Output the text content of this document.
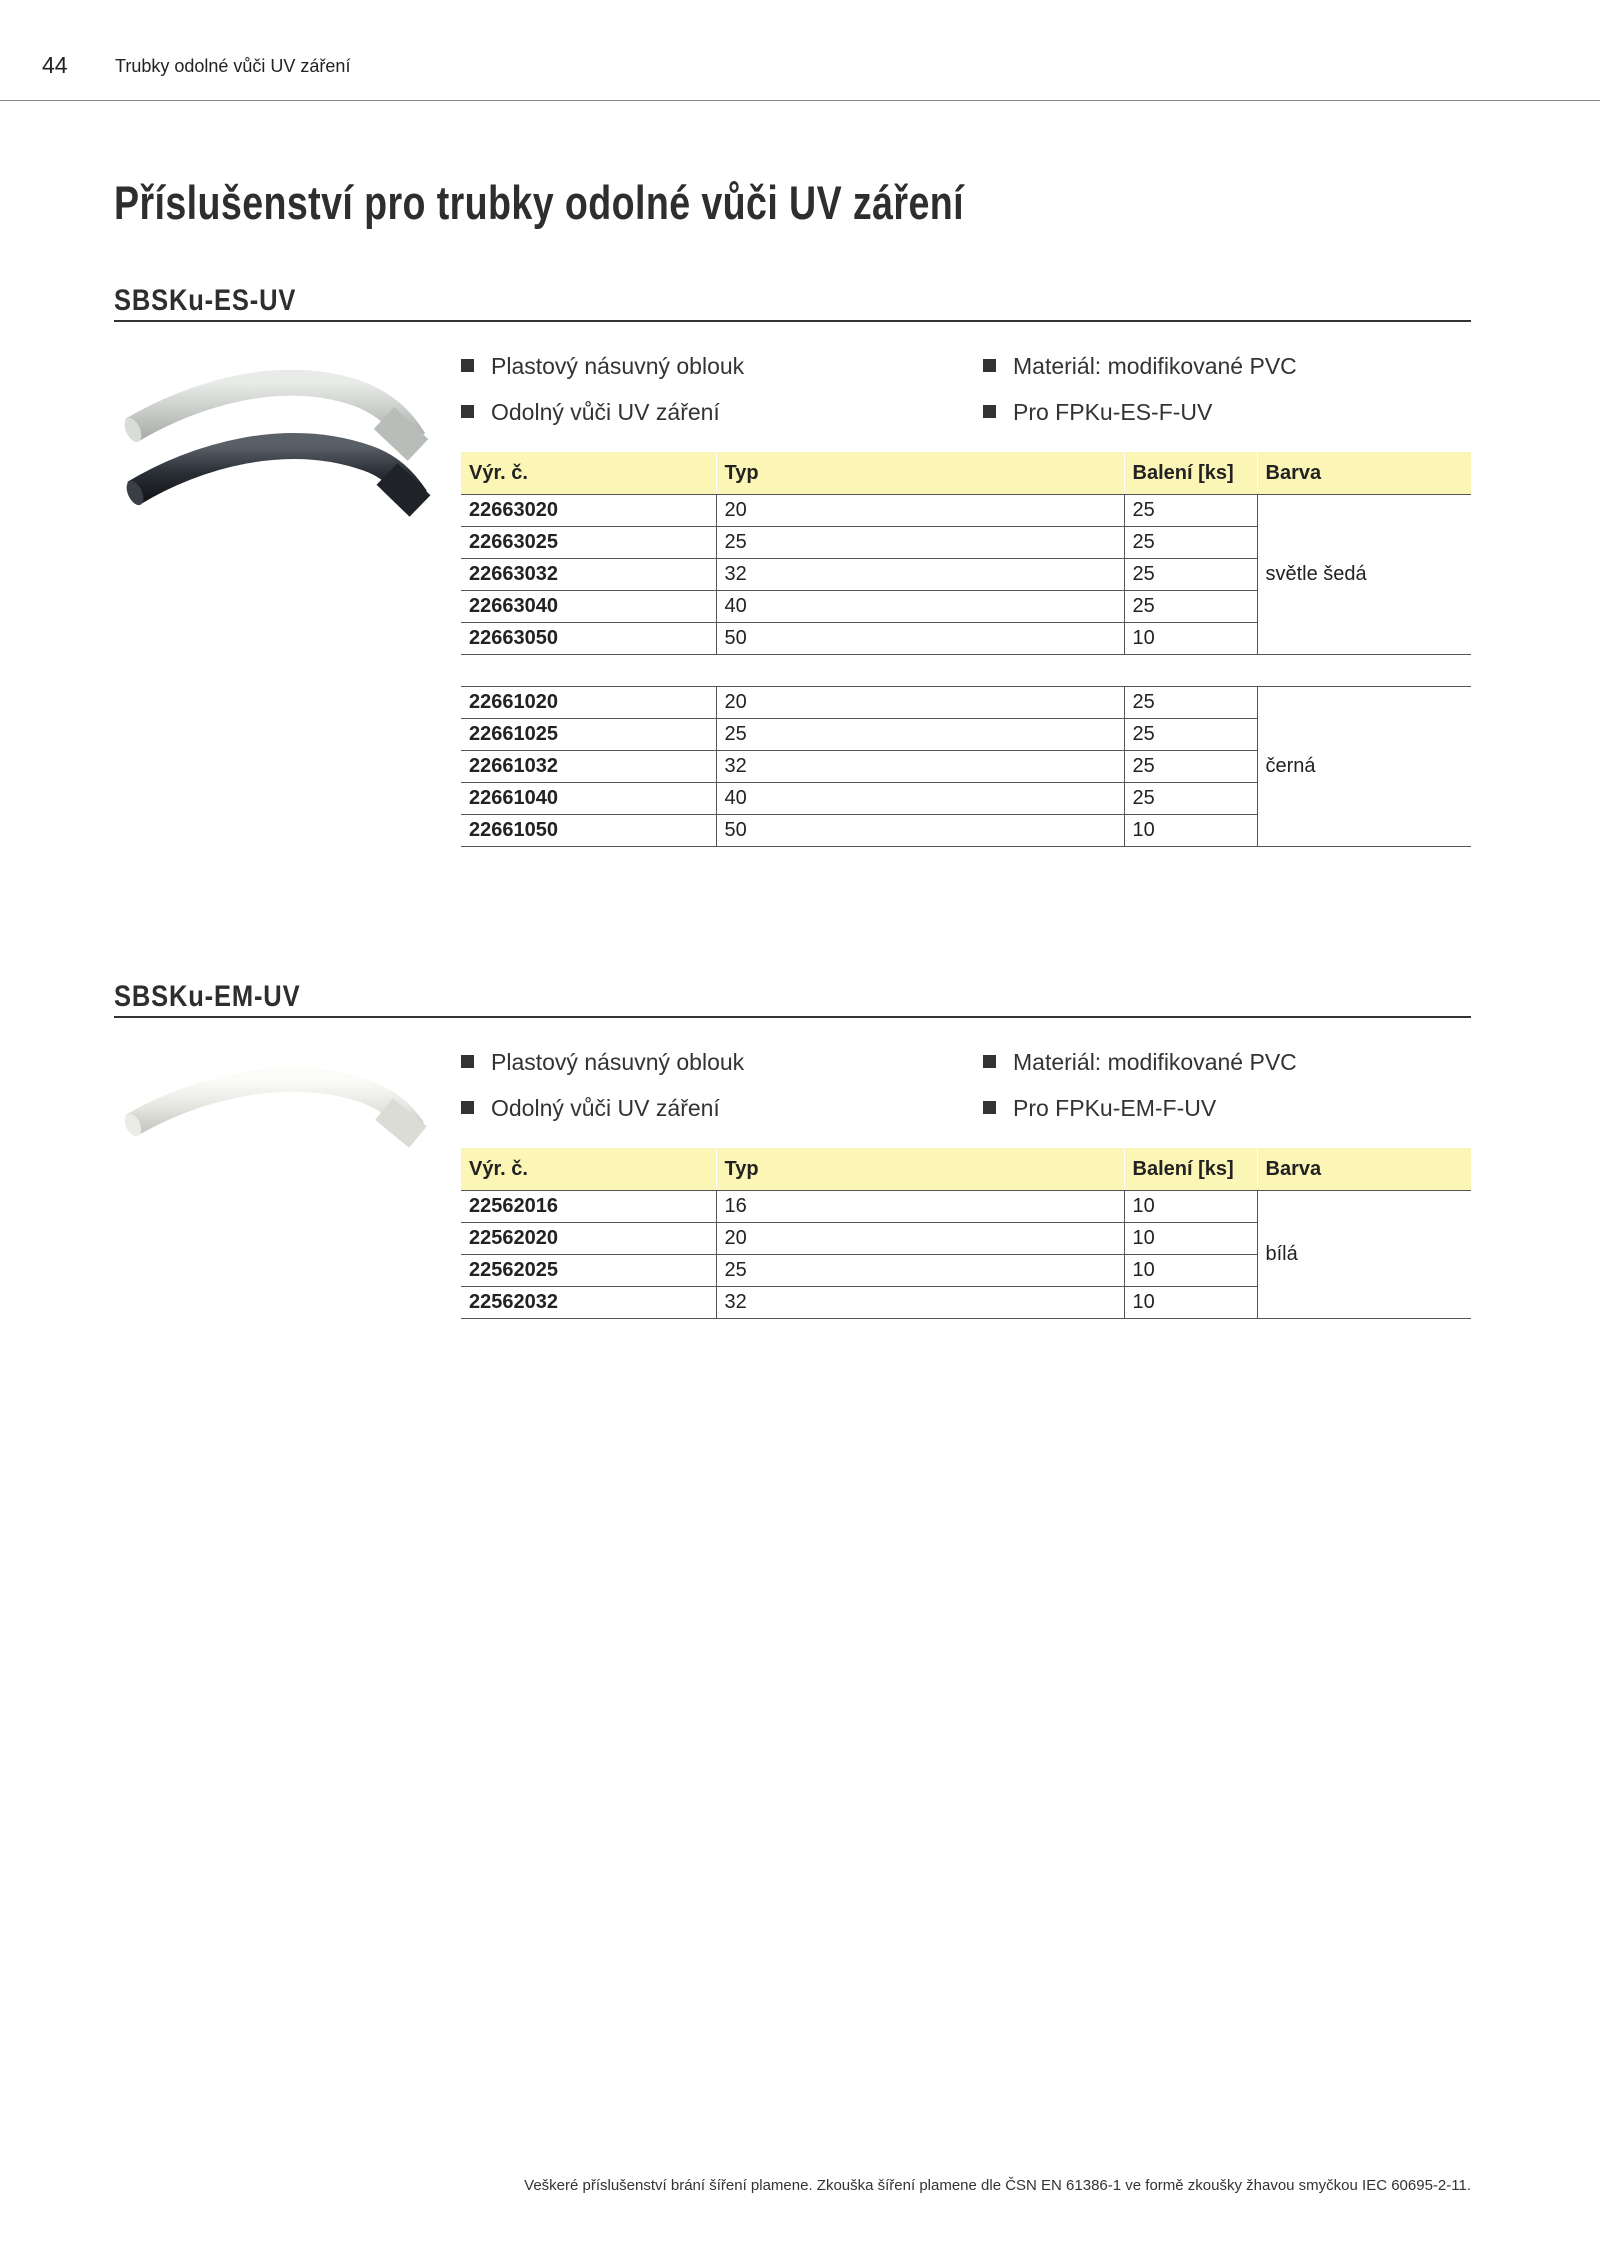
44	Trubky odolné vůči UV záření
Příslušenství pro trubky odolné vůči UV záření
SBSKu-ES-UV
Plastový násuvný oblouk	Materiál: modifikované PVC
Odolný vůči UV záření	Pro FPKu-ES-F-UV
Výr. č.	Typ	Balení [ks]	Barva
22663020	20	25	světle šedá
22663025	25	25	
22663032	32	25	
22663040	40	25	
22663050	50	10	

22661020	20	25	černá
22661025	25	25	
22661032	32	25	
22661040	40	25	
22661050	50	10	
SBSKu-EM-UV
Plastový násuvný oblouk	Materiál: modifikované PVC
Odolný vůči UV záření	Pro FPKu-EM-F-UV
Výr. č.	Typ	Balení [ks]	Barva
22562016	16	10	bílá
22562020	20	10	
22562025	25	10	
22562032	32	10	
Veškeré příslušenství brání šíření plamene. Zkouška šíření plamene dle ČSN EN 61386-1 ve formě zkoušky žhavou smyčkou IEC 60695-2-11.
